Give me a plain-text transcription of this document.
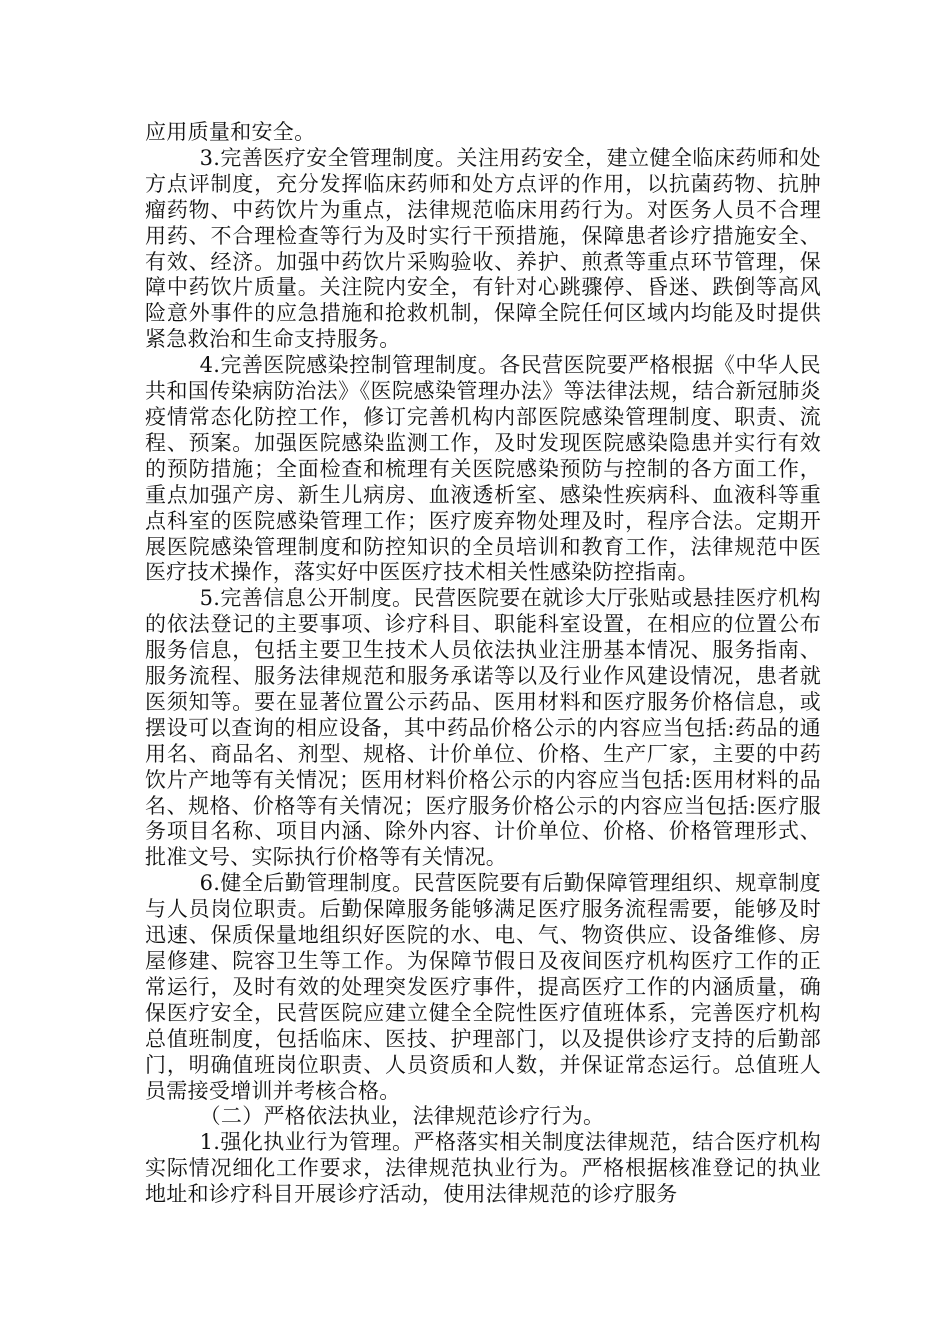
应用质量和安全。

3.完善医疗安全管理制度。关注用药安全，建立健全临床药师和处方点评制度，充分发挥临床药师和处方点评的作用，以抗菌药物、抗肿瘤药物、中药饮片为重点，法律规范临床用药行为。对医务人员不合理用药、不合理检查等行为及时实行干预措施，保障患者诊疗措施安全、有效、经济。加强中药饮片采购验收、养护、煎煮等重点环节管理，保障中药饮片质量。关注院内安全，有针对心跳骤停、昏迷、跌倒等高风险意外事件的应急措施和抢救机制，保障全院任何区域内均能及时提供紧急救治和生命支持服务。

4.完善医院感染控制管理制度。各民营医院要严格根据《中华人民共和国传染病防治法》《医院感染管理办法》等法律法规，结合新冠肺炎疫情常态化防控工作，修订完善机构内部医院感染管理制度、职责、流程、预案。加强医院感染监测工作，及时发现医院感染隐患并实行有效的预防措施；全面检查和梳理有关医院感染预防与控制的各方面工作，重点加强产房、新生儿病房、血液透析室、感染性疾病科、血液科等重点科室的医院感染管理工作；医疗废弃物处理及时，程序合法。定期开展医院感染管理制度和防控知识的全员培训和教育工作，法律规范中医医疗技术操作，落实好中医医疗技术相关性感染防控指南。

5.完善信息公开制度。民营医院要在就诊大厅张贴或悬挂医疗机构的依法登记的主要事项、诊疗科目、职能科室设置，在相应的位置公布服务信息，包括主要卫生技术人员依法执业注册基本情况、服务指南、服务流程、服务法律规范和服务承诺等以及行业作风建设情况，患者就医须知等。要在显著位置公示药品、医用材料和医疗服务价格信息，或摆设可以查询的相应设备，其中药品价格公示的内容应当包括:药品的通用名、商品名、剂型、规格、计价单位、价格、生产厂家，主要的中药饮片产地等有关情况；医用材料价格公示的内容应当包括:医用材料的品名、规格、价格等有关情况；医疗服务价格公示的内容应当包括:医疗服务项目名称、项目内涵、除外内容、计价单位、价格、价格管理形式、批准文号、实际执行价格等有关情况。

6.健全后勤管理制度。民营医院要有后勤保障管理组织、规章制度与人员岗位职责。后勤保障服务能够满足医疗服务流程需要，能够及时迅速、保质保量地组织好医院的水、电、气、物资供应、设备维修、房屋修建、院容卫生等工作。为保障节假日及夜间医疗机构医疗工作的正常运行，及时有效的处理突发医疗事件，提高医疗工作的内涵质量，确保医疗安全，民营医院应建立健全全院性医疗值班体系，完善医疗机构总值班制度，包括临床、医技、护理部门，以及提供诊疗支持的后勤部门，明确值班岗位职责、人员资质和人数，并保证常态运行。总值班人员需接受增训并考核合格。

（二）严格依法执业，法律规范诊疗行为。

1.强化执业行为管理。严格落实相关制度法律规范，结合医疗机构实际情况细化工作要求，法律规范执业行为。严格根据核准登记的执业地址和诊疗科目开展诊疗活动，使用法律规范的诊疗服务
